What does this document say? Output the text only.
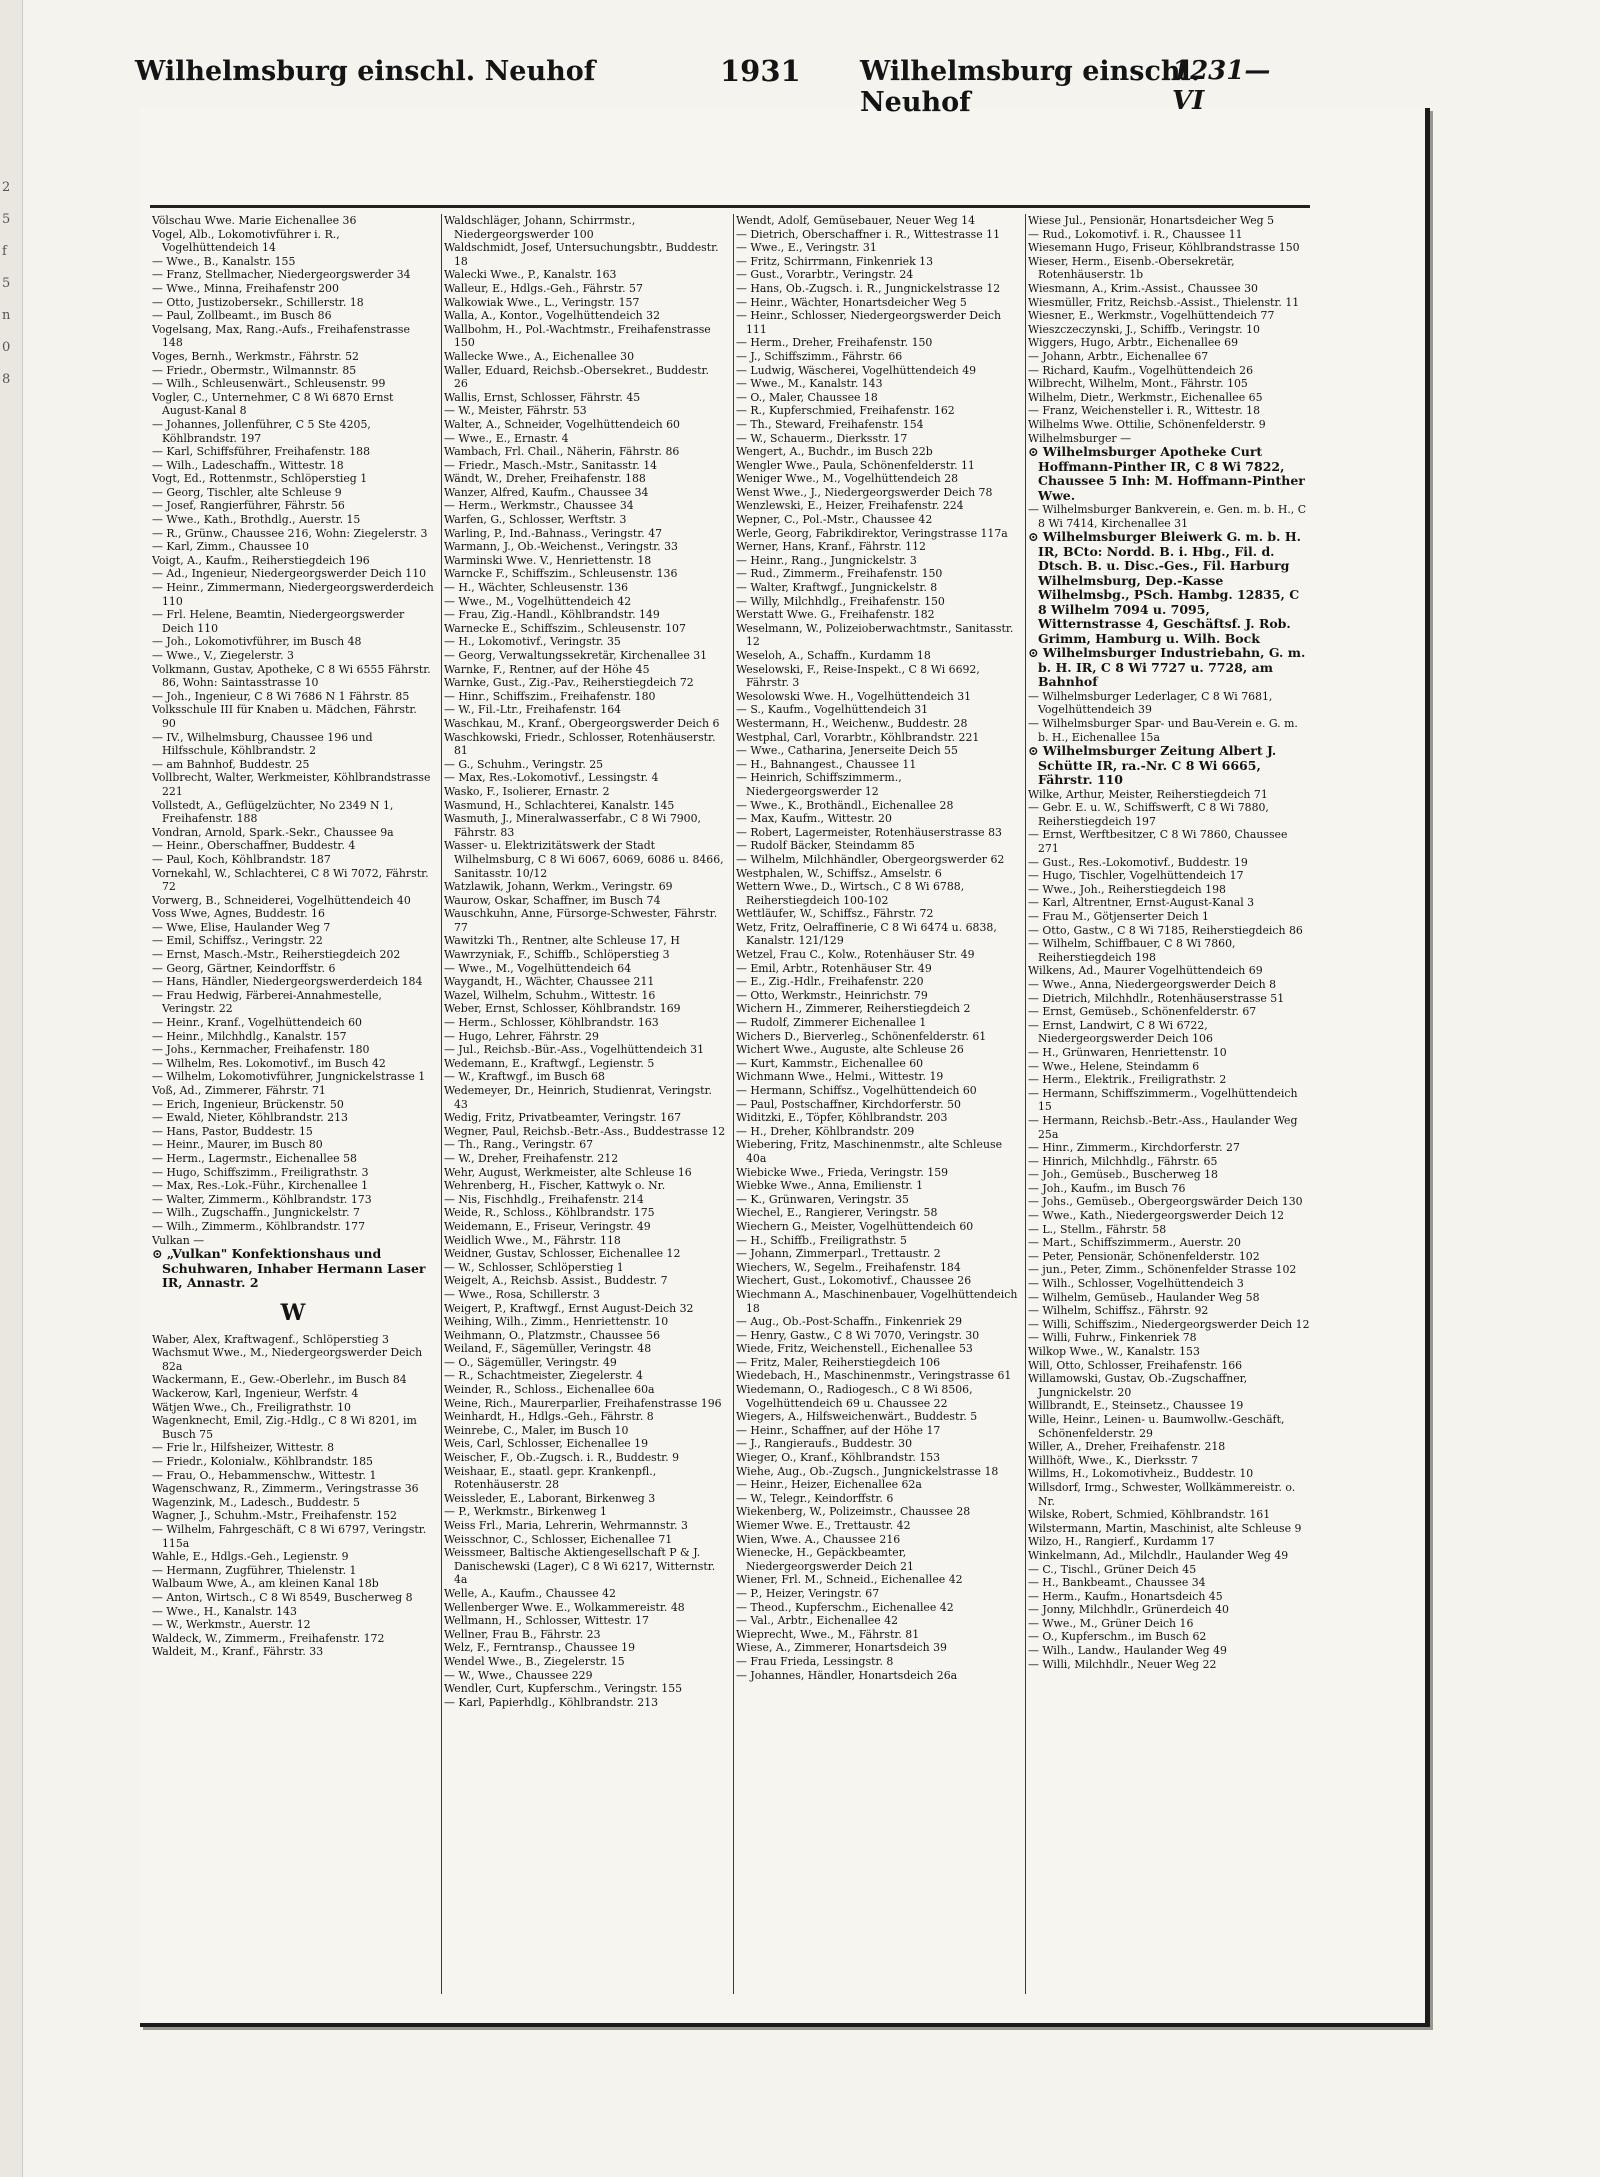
2
5
f
5
n
0
8
Wilhelmsburg einschl. Neuhof	1931 Wilhelmsburg einschl. Neuhof
1231—VI

Völschau Wwe. Marie Eichenallee 36

Vogel, Alb., Lokomotivführer i. R., Vogelhüttendeich 14

— Wwe., B., Kanalstr. 155

— Franz, Stellmacher, Niedergeorgswerder 34

— Wwe., Minna, Freihafenstr 200

— Otto, Justizobersekr., Schillerstr. 18

— Paul, Zollbeamt., im Busch 86

Vogelsang, Max, Rang.-Aufs., Freihafenstrasse 148

Voges, Bernh., Werkmstr., Fährstr. 52

— Friedr., Obermstr., Wilmannstr. 85

— Wilh., Schleusenwärt., Schleusenstr. 99

Vogler, C., Unternehmer, C 8 Wi 6870 Ernst August-Kanal 8

— Johannes, Jollenführer, C 5 Ste 4205, Köhlbrandstr. 197

— Karl, Schiffsführer, Freihafenstr. 188

— Wilh., Ladeschaffn., Wittestr. 18

Vogt, Ed., Rottenmstr., Schlöperstieg 1

— Georg, Tischler, alte Schleuse 9

— Josef, Rangierführer, Fährstr. 56

— Wwe., Kath., Brothdlg., Auerstr. 15

— R., Grünw., Chaussee 216, Wohn: Ziegelerstr. 3

— Karl, Zimm., Chaussee 10

Voigt, A., Kaufm., Reiherstiegdeich 196

— Ad., Ingenieur, Niedergeorgswerder Deich 110

— Heinr., Zimmermann, Niedergeorgswerderdeich 110

— Frl. Helene, Beamtin, Niedergeorgswerder Deich 110

— Joh., Lokomotivführer, im Busch 48

— Wwe., V., Ziegelerstr. 3

Volkmann, Gustav, Apotheke, C 8 Wi 6555 Fährstr. 86, Wohn: Saintasstrasse 10

— Joh., Ingenieur, C 8 Wi 7686 N 1 Fährstr. 85

Volksschule III für Knaben u. Mädchen, Fährstr. 90

— IV., Wilhelmsburg, Chaussee 196 und Hilfsschule, Köhlbrandstr. 2

— am Bahnhof, Buddestr. 25

Vollbrecht, Walter, Werkmeister, Köhlbrandstrasse 221

Vollstedt, A., Geflügelzüchter, No 2349 N 1, Freihafenstr. 188

Vondran, Arnold, Spark.-Sekr., Chaussee 9a

— Heinr., Oberschaffner, Buddestr. 4

— Paul, Koch, Köhlbrandstr. 187

Vornekahl, W., Schlachterei, C 8 Wi 7072, Fährstr. 72

Vorwerg, B., Schneiderei, Vogelhüttendeich 40

Voss Wwe, Agnes, Buddestr. 16

— Wwe, Elise, Haulander Weg 7

— Emil, Schiffsz., Veringstr. 22

— Ernst, Masch.-Mstr., Reiherstiegdeich 202

— Georg, Gärtner, Keindorffstr. 6

— Hans, Händler, Niedergeorgswerderdeich 184

— Frau Hedwig, Färberei-Annahmestelle, Veringstr. 22

— Heinr., Kranf., Vogelhüttendeich 60

— Heinr., Milchhdlg., Kanalstr. 157

— Johs., Kernmacher, Freihafenstr. 180

— Wilhelm, Res. Lokomotivf., im Busch 42

— Wilhelm, Lokomotivführer, Jungnickelstrasse 1

Voß, Ad., Zimmerer, Fährstr. 71

— Erich, Ingenieur, Brückenstr. 50

— Ewald, Nieter, Köhlbrandstr. 213

— Hans, Pastor, Buddestr. 15

— Heinr., Maurer, im Busch 80

— Herm., Lagermstr., Eichenallee 58

— Hugo, Schiffszimm., Freiligrathstr. 3

— Max, Res.-Lok.-Führ., Kirchenallee 1

— Walter, Zimmerm., Köhlbrandstr. 173

— Wilh., Zugschaffn., Jungnickelstr. 7

— Wilh., Zimmerm., Köhlbrandstr. 177

Vulkan —

⊙ „Vulkan" Konfektionshaus und Schuhwaren, Inhaber Hermann Laser IR, Annastr. 2

W

Waber, Alex, Kraftwagenf., Schlöperstieg 3

Wachsmut Wwe., M., Niedergeorgswerder Deich 82a

Wackermann, E., Gew.-Oberlehr., im Busch 84

Wackerow, Karl, Ingenieur, Werfstr. 4

Wätjen Wwe., Ch., Freiligrathstr. 10

Wagenknecht, Emil, Zig.-Hdlg., C 8 Wi 8201, im Busch 75

— Frie lr., Hilfsheizer, Wittestr. 8

— Friedr., Kolonialw., Köhlbrandstr. 185

— Frau, O., Hebammenschw., Wittestr. 1

Wagenschwanz, R., Zimmerm., Veringstrasse 36

Wagenzink, M., Ladesch., Buddestr. 5

Wagner, J., Schuhm.-Mstr., Freihafenstr. 152

— Wilhelm, Fahrgeschäft, C 8 Wi 6797, Veringstr. 115a

Wahle, E., Hdlgs.-Geh., Legienstr. 9

— Hermann, Zugführer, Thielenstr. 1

Walbaum Wwe, A., am kleinen Kanal 18b

— Anton, Wirtsch., C 8 Wi 8549, Buscherweg 8

— Wwe., H., Kanalstr. 143

— W., Werkmstr., Auerstr. 12

Waldeck, W., Zimmerm., Freihafenstr. 172

Waldeit, M., Kranf., Fährstr. 33

Waldschläger, Johann, Schirrmstr., Niedergeorgswerder 100

Waldschmidt, Josef, Untersuchungsbtr., Buddestr. 18

Walecki Wwe., P., Kanalstr. 163

Walleur, E., Hdlgs.-Geh., Fährstr. 57

Walkowiak Wwe., L., Veringstr. 157

Walla, A., Kontor., Vogelhüttendeich 32

Wallbohm, H., Pol.-Wachtmstr., Freihafenstrasse 150

Wallecke Wwe., A., Eichenallee 30

Waller, Eduard, Reichsb.-Obersekret., Buddestr. 26

Wallis, Ernst, Schlosser, Fährstr. 45

— W., Meister, Fährstr. 53

Walter, A., Schneider, Vogelhüttendeich 60

— Wwe., E., Ernastr. 4

Wambach, Frl. Chail., Näherin, Fährstr. 86

— Friedr., Masch.-Mstr., Sanitasstr. 14

Wändt, W., Dreher, Freihafenstr. 188

Wanzer, Alfred, Kaufm., Chaussee 34

— Herm., Werkmstr., Chaussee 34

Warfen, G., Schlosser, Werftstr. 3

Warling, P., Ind.-Bahnass., Veringstr. 47

Warmann, J., Ob.-Weichenst., Veringstr. 33

Warminski Wwe. V., Henriettenstr. 18

Warncke F., Schiffszim., Schleusenstr. 136

— H., Wächter, Schleusenstr. 136

— Wwe., M., Vogelhüttendeich 42

— Frau, Zig.-Handl., Köhlbrandstr. 149

Warnecke E., Schiffszim., Schleusenstr. 107

— H., Lokomotivf., Veringstr. 35

— Georg, Verwaltungssekretär, Kirchenallee 31

Warnke, F., Rentner, auf der Höhe 45

Warnke, Gust., Zig.-Pav., Reiherstiegdeich 72

— Hinr., Schiffszim., Freihafenstr. 180

— W., Fil.-Ltr., Freihafenstr. 164

Waschkau, M., Kranf., Obergeorgswerder Deich 6

Waschkowski, Friedr., Schlosser, Rotenhäuserstr. 81

— G., Schuhm., Veringstr. 25

— Max, Res.-Lokomotivf., Lessingstr. 4

Wasko, F., Isolierer, Ernastr. 2

Wasmund, H., Schlachterei, Kanalstr. 145

Wasmuth, J., Mineralwasserfabr., C 8 Wi 7900, Fährstr. 83

Wasser- u. Elektrizitätswerk der Stadt Wilhelmsburg, C 8 Wi 6067, 6069, 6086 u. 8466, Sanitasstr. 10/12

Watzlawik, Johann, Werkm., Veringstr. 69

Waurow, Oskar, Schaffner, im Busch 74

Wauschkuhn, Anne, Fürsorge-Schwester, Fährstr. 77

Wawitzki Th., Rentner, alte Schleuse 17, H

Wawrzyniak, F., Schiffb., Schlöperstieg 3

— Wwe., M., Vogelhüttendeich 64

Waygandt, H., Wächter, Chaussee 211

Wazel, Wilhelm, Schuhm., Wittestr. 16

Weber, Ernst, Schlosser, Köhlbrandstr. 169

— Herm., Schlosser, Köhlbrandstr. 163

— Hugo, Lehrer, Fährstr. 29

— Jul., Reichsb.-Bür.-Ass., Vogelhüttendeich 31

Wedemann, E., Kraftwgf., Legienstr. 5

— W., Kraftwgf., im Busch 68

Wedemeyer, Dr., Heinrich, Studienrat, Veringstr. 43

Wedig, Fritz, Privatbeamter, Veringstr. 167

Wegner, Paul, Reichsb.-Betr.-Ass., Buddestrasse 12

— Th., Rang., Veringstr. 67

— W., Dreher, Freihafenstr. 212

Wehr, August, Werkmeister, alte Schleuse 16

Wehrenberg, H., Fischer, Kattwyk o. Nr.

— Nis, Fischhdlg., Freihafenstr. 214

Weide, R., Schloss., Köhlbrandstr. 175

Weidemann, E., Friseur, Veringstr. 49

Weidlich Wwe., M., Fährstr. 118

Weidner, Gustav, Schlosser, Eichenallee 12

— W., Schlosser, Schlöperstieg 1

Weigelt, A., Reichsb. Assist., Buddestr. 7

— Wwe., Rosa, Schillerstr. 3

Weigert, P., Kraftwgf., Ernst August-Deich 32

Weihing, Wilh., Zimm., Henriettenstr. 10

Weihmann, O., Platzmstr., Chaussee 56

Weiland, F., Sägemüller, Veringstr. 48

— O., Sägemüller, Veringstr. 49

— R., Schachtmeister, Ziegelerstr. 4

Weinder, R., Schloss., Eichenallee 60a

Weine, Rich., Maurerparlier, Freihafenstrasse 196

Weinhardt, H., Hdlgs.-Geh., Fährstr. 8

Weinrebe, C., Maler, im Busch 10

Weis, Carl, Schlosser, Eichenallee 19

Weischer, F., Ob.-Zugsch. i. R., Buddestr. 9

Weishaar, E., staatl. gepr. Krankenpfl., Rotenhäuserstr. 28

Weissleder, E., Laborant, Birkenweg 3

— P., Werkmstr., Birkenweg 1

Weiss Frl., Maria, Lehrerin, Wehrmannstr. 3

Weisschnor, C., Schlosser, Eichenallee 71

Weissmeer, Baltische Aktiengesellschaft P & J. Danischewski (Lager), C 8 Wi 6217, Witternstr. 4a

Welle, A., Kaufm., Chaussee 42

Wellenberger Wwe. E., Wolkammereistr. 48

Wellmann, H., Schlosser, Wittestr. 17

Wellner, Frau B., Fährstr. 23

Welz, F., Ferntransp., Chaussee 19

Wendel Wwe., B., Ziegelerstr. 15

— W., Wwe., Chaussee 229

Wendler, Curt, Kupferschm., Veringstr. 155

— Karl, Papierhdlg., Köhlbrandstr. 213

Wendt, Adolf, Gemüsebauer, Neuer Weg 14

— Dietrich, Oberschaffner i. R., Wittestrasse 11

— Wwe., E., Veringstr. 31

— Fritz, Schirrmann, Finkenriek 13

— Gust., Vorarbtr., Veringstr. 24

— Hans, Ob.-Zugsch. i. R., Jungnickelstrasse 12

— Heinr., Wächter, Honartsdeicher Weg 5

— Heinr., Schlosser, Niedergeorgswerder Deich 111

— Herm., Dreher, Freihafenstr. 150

— J., Schiffszimm., Fährstr. 66

— Ludwig, Wäscherei, Vogelhüttendeich 49

— Wwe., M., Kanalstr. 143

— O., Maler, Chaussee 18

— R., Kupferschmied, Freihafenstr. 162

— Th., Steward, Freihafenstr. 154

— W., Schauerm., Dierksstr. 17

Wengert, A., Buchdr., im Busch 22b

Wengler Wwe., Paula, Schönenfelderstr. 11

Weniger Wwe., M., Vogelhüttendeich 28

Wenst Wwe., J., Niedergeorgswerder Deich 78

Wenzlewski, E., Heizer, Freihafenstr. 224

Wepner, C., Pol.-Mstr., Chaussee 42

Werle, Georg, Fabrikdirektor, Veringstrasse 117a

Werner, Hans, Kranf., Fährstr. 112

— Heinr., Rang., Jungnickelstr. 3

— Rud., Zimmerm., Freihafenstr. 150

— Walter, Kraftwgf., Jungnickelstr. 8

— Willy, Milchhdlg., Freihafenstr. 150

Werstatt Wwe. G., Freihafenstr. 182

Weselmann, W., Polizeioberwachtmstr., Sanitasstr. 12

Weseloh, A., Schaffn., Kurdamm 18

Weselowski, F., Reise-Inspekt., C 8 Wi 6692, Fährstr. 3

Wesolowski Wwe. H., Vogelhüttendeich 31

— S., Kaufm., Vogelhüttendeich 31

Westermann, H., Weichenw., Buddestr. 28

Westphal, Carl, Vorarbtr., Köhlbrandstr. 221

— Wwe., Catharina, Jenerseite Deich 55

— H., Bahnangest., Chaussee 11

— Heinrich, Schiffszimmerm., Niedergeorgswerder 12

— Wwe., K., Brothändl., Eichenallee 28

— Max, Kaufm., Wittestr. 20

— Robert, Lagermeister, Rotenhäuserstrasse 83

— Rudolf Bäcker, Steindamm 85

— Wilhelm, Milchhändler, Obergeorgswerder 62

Westphalen, W., Schiffsz., Amselstr. 6

Wettern Wwe., D., Wirtsch., C 8 Wi 6788, Reiherstiegdeich 100-102

Wettläufer, W., Schiffsz., Fährstr. 72

Wetz, Fritz, Oelraffinerie, C 8 Wi 6474 u. 6838, Kanalstr. 121/129

Wetzel, Frau C., Kolw., Rotenhäuser Str. 49

— Emil, Arbtr., Rotenhäuser Str. 49

— E., Zig.-Hdlr., Freihafenstr. 220

— Otto, Werkmstr., Heinrichstr. 79

Wichern H., Zimmerer, Reiherstiegdeich 2

— Rudolf, Zimmerer Eichenallee 1

Wichers D., Bierverleg., Schönenfelderstr. 61

Wichert Wwe., Auguste, alte Schleuse 26

— Kurt, Kammstr., Eichenallee 60

Wichmann Wwe., Helmi., Wittestr. 19

— Hermann, Schiffsz., Vogelhüttendeich 60

— Paul, Postschaffner, Kirchdorferstr. 50

Widitzki, E., Töpfer, Köhlbrandstr. 203

— H., Dreher, Köhlbrandstr. 209

Wiebering, Fritz, Maschinenmstr., alte Schleuse 40a

Wiebicke Wwe., Frieda, Veringstr. 159

Wiebke Wwe., Anna, Emilienstr. 1

— K., Grünwaren, Veringstr. 35

Wiechel, E., Rangierer, Veringstr. 58

Wiechern G., Meister, Vogelhüttendeich 60

— H., Schiffb., Freiligrathstr. 5

— Johann, Zimmerparl., Trettaustr. 2

Wiechers, W., Segelm., Freihafenstr. 184

Wiechert, Gust., Lokomotivf., Chaussee 26

Wiechmann A., Maschinenbauer, Vogelhüttendeich 18

— Aug., Ob.-Post-Schaffn., Finkenriek 29

— Henry, Gastw., C 8 Wi 7070, Veringstr. 30

Wiede, Fritz, Weichenstell., Eichenallee 53

— Fritz, Maler, Reiherstiegdeich 106

Wiedebach, H., Maschinenmstr., Veringstrasse 61

Wiedemann, O., Radiogesch., C 8 Wi 8506, Vogelhüttendeich 69 u. Chaussee 22

Wiegers, A., Hilfsweichenwärt., Buddestr. 5

— Heinr., Schaffner, auf der Höhe 17

— J., Rangieraufs., Buddestr. 30

Wieger, O., Kranf., Köhlbrandstr. 153

Wiehe, Aug., Ob.-Zugsch., Jungnickelstrasse 18

— Heinr., Heizer, Eichenallee 62a

— W., Telegr., Keindorffstr. 6

Wiekenberg, W., Polizeimstr., Chaussee 28

Wiemer Wwe. E., Trettaustr. 42

Wien, Wwe. A., Chaussee 216

Wienecke, H., Gepäckbeamter, Niedergeorgswerder Deich 21

Wiener, Frl. M., Schneid., Eichenallee 42

— P., Heizer, Veringstr. 67

— Theod., Kupferschm., Eichenallee 42

— Val., Arbtr., Eichenallee 42

Wieprecht, Wwe., M., Fährstr. 81

Wiese, A., Zimmerer, Honartsdeich 39

— Frau Frieda, Lessingstr. 8

— Johannes, Händler, Honartsdeich 26a

Wiese Jul., Pensionär, Honartsdeicher Weg 5

— Rud., Lokomotivf. i. R., Chaussee 11

Wiesemann Hugo, Friseur, Köhlbrandstrasse 150

Wieser, Herm., Eisenb.-Obersekretär, Rotenhäuserstr. 1b

Wiesmann, A., Krim.-Assist., Chaussee 30

Wiesmüller, Fritz, Reichsb.-Assist., Thielenstr. 11

Wiesner, E., Werkmstr., Vogelhüttendeich 77

Wieszczeczynski, J., Schiffb., Veringstr. 10

Wiggers, Hugo, Arbtr., Eichenallee 69

— Johann, Arbtr., Eichenallee 67

— Richard, Kaufm., Vogelhüttendeich 26

Wilbrecht, Wilhelm, Mont., Fährstr. 105

Wilhelm, Dietr., Werkmstr., Eichenallee 65

— Franz, Weichensteller i. R., Wittestr. 18

Wilhelms Wwe. Ottilie, Schönenfelderstr. 9

Wilhelmsburger —

⊙ Wilhelmsburger Apotheke Curt Hoffmann-Pinther IR, C 8 Wi 7822, Chaussee 5 Inh: M. Hoffmann-Pinther Wwe.

— Wilhelmsburger Bankverein, e. Gen. m. b. H., C 8 Wi 7414, Kirchenallee 31

⊙ Wilhelmsburger Bleiwerk G. m. b. H. IR, BCto: Nordd. B. i. Hbg., Fil. d. Dtsch. B. u. Disc.-Ges., Fil. Harburg Wilhelmsburg, Dep.-Kasse Wilhelmsbg., PSch. Hambg. 12835, C 8 Wilhelm 7094 u. 7095, Witternstrasse 4, Geschäftsf. J. Rob. Grimm, Hamburg u. Wilh. Bock

⊙ Wilhelmsburger Industriebahn, G. m. b. H. IR, C 8 Wi 7727 u. 7728, am Bahnhof

— Wilhelmsburger Lederlager, C 8 Wi 7681, Vogelhüttendeich 39

— Wilhelmsburger Spar- und Bau-Verein e. G. m. b. H., Eichenallee 15a

⊙ Wilhelmsburger Zeitung Albert J. Schütte IR, ra.-Nr. C 8 Wi 6665, Fährstr. 110

Wilke, Arthur, Meister, Reiherstiegdeich 71

— Gebr. E. u. W., Schiffswerft, C 8 Wi 7880, Reiherstiegdeich 197

— Ernst, Werftbesitzer, C 8 Wi 7860, Chaussee 271

— Gust., Res.-Lokomotivf., Buddestr. 19

— Hugo, Tischler, Vogelhüttendeich 17

— Wwe., Joh., Reiherstiegdeich 198

— Karl, Altrentner, Ernst-August-Kanal 3

— Frau M., Götjenserter Deich 1

— Otto, Gastw., C 8 Wi 7185, Reiherstiegdeich 86

— Wilhelm, Schiffbauer, C 8 Wi 7860, Reiherstiegdeich 198

Wilkens, Ad., Maurer Vogelhüttendeich 69

— Wwe., Anna, Niedergeorgswerder Deich 8

— Dietrich, Milchhdlr., Rotenhäuserstrasse 51

— Ernst, Gemüseb., Schönenfelderstr. 67

— Ernst, Landwirt, C 8 Wi 6722, Niedergeorgswerder Deich 106

— H., Grünwaren, Henriettenstr. 10

— Wwe., Helene, Steindamm 6

— Herm., Elektrik., Freiligrathstr. 2

— Hermann, Schiffszimmerm., Vogelhüttendeich 15

— Hermann, Reichsb.-Betr.-Ass., Haulander Weg 25a

— Hinr., Zimmerm., Kirchdorferstr. 27

— Hinrich, Milchhdlg., Fährstr. 65

— Joh., Gemüseb., Buscherweg 18

— Joh., Kaufm., im Busch 76

— Johs., Gemüseb., Obergeorgswärder Deich 130

— Wwe., Kath., Niedergeorgswerder Deich 12

— L., Stellm., Fährstr. 58

— Mart., Schiffszimmerm., Auerstr. 20

— Peter, Pensionär, Schönenfelderstr. 102

— jun., Peter, Zimm., Schönenfelder Strasse 102

— Wilh., Schlosser, Vogelhüttendeich 3

— Wilhelm, Gemüseb., Haulander Weg 58

— Wilhelm, Schiffsz., Fährstr. 92

— Willi, Schiffszim., Niedergeorgswerder Deich 12

— Willi, Fuhrw., Finkenriek 78

Wilkop Wwe., W., Kanalstr. 153

Will, Otto, Schlosser, Freihafenstr. 166

Willamowski, Gustav, Ob.-Zugschaffner, Jungnickelstr. 20

Willbrandt, E., Steinsetz., Chaussee 19

Wille, Heinr., Leinen- u. Baumwollw.-Geschäft, Schönenfelderstr. 29

Willer, A., Dreher, Freihafenstr. 218

Willhöft, Wwe., K., Dierksstr. 7

Willms, H., Lokomotivheiz., Buddestr. 10

Willsdorf, Irmg., Schwester, Wollkämmereistr. o. Nr.

Wilske, Robert, Schmied, Köhlbrandstr. 161

Wilstermann, Martin, Maschinist, alte Schleuse 9

Wilzo, H., Rangierf., Kurdamm 17

Winkelmann, Ad., Milchdlr., Haulander Weg 49

— C., Tischl., Grüner Deich 45

— H., Bankbeamt., Chaussee 34

— Herm., Kaufm., Honartsdeich 45

— Jonny, Milchhdlr., Grünerdeich 40

— Wwe., M., Grüner Deich 16

— O., Kupferschm., im Busch 62

— Wilh., Landw., Haulander Weg 49

— Willi, Milchhdlr., Neuer Weg 22
